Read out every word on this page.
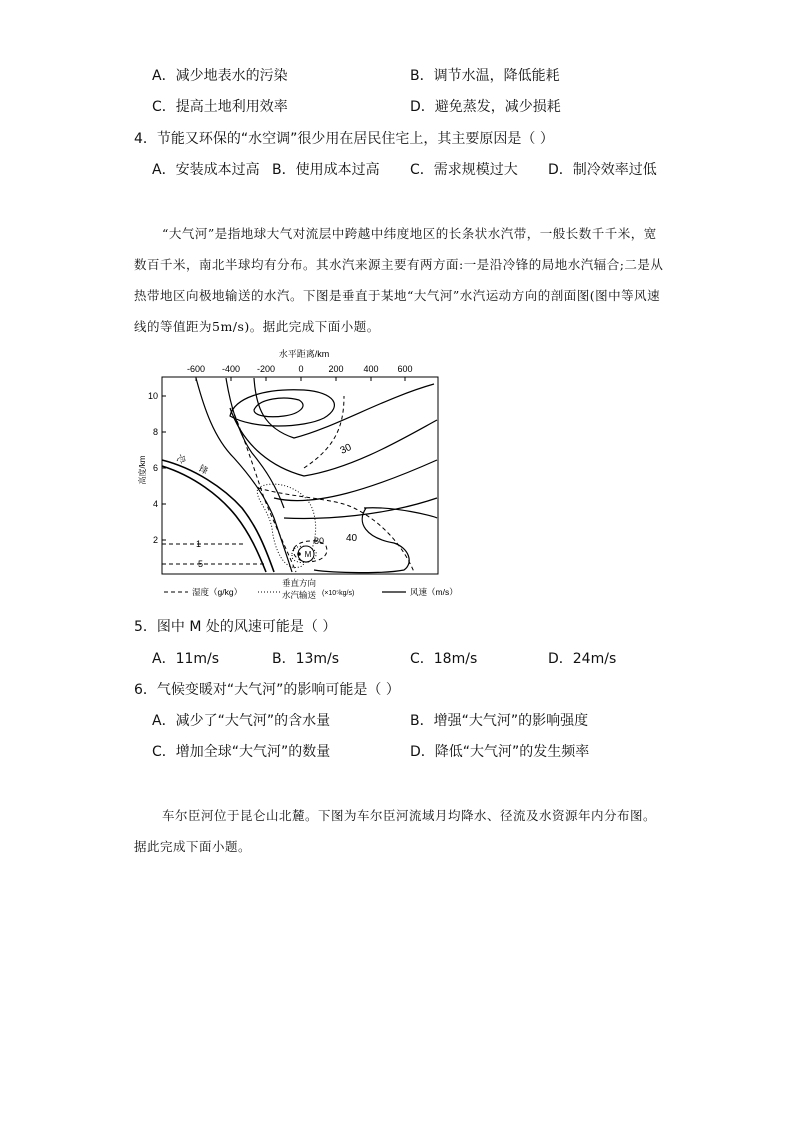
A．减少地表水的污染	B．调节水温，降低能耗
C．提高土地利用效率	D．避免蒸发，减少损耗
4．节能又环保的“水空调”很少用在居民住宅上，其主要原因是（ ）
A．安装成本过高 B．使用成本过高 C．需求规模过大 D．制冷效率过低
“大气河”是指地球大气对流层中跨越中纬度地区的长条状水汽带，一般长数千千米，宽数百千米，南北半球均有分布。其水汽来源主要有两方面:一是沿冷锋的局地水汽辐合;二是从热带地区向极地输送的水汽。下图是垂直于某地“大气河”水汽运动方向的剖面图(图中等风速线的等值距为5m/s)。据此完成下面小题。
水平距离/km
-600 -400 -200	0	200 400 600
10
8
6
4
2
高度/km	冷
锋
M
30
40
80
1
5
湿度（g/kg）
垂直方向
水汽输送 (×10⁵kg/s)	风速（m/s）
5．图中 M 处的风速可能是（ ）
A．11m/s	B．13m/s	C．18m/s	D．24m/s
6．气候变暖对“大气河”的影响可能是（ ）
A．减少了“大气河”的含水量	B．增强“大气河”的影响强度
C．增加全球“大气河”的数量	D．降低“大气河”的发生频率
车尔臣河位于昆仑山北麓。下图为车尔臣河流域月均降水、径流及水资源年内分布图。据此完成下面小题。
